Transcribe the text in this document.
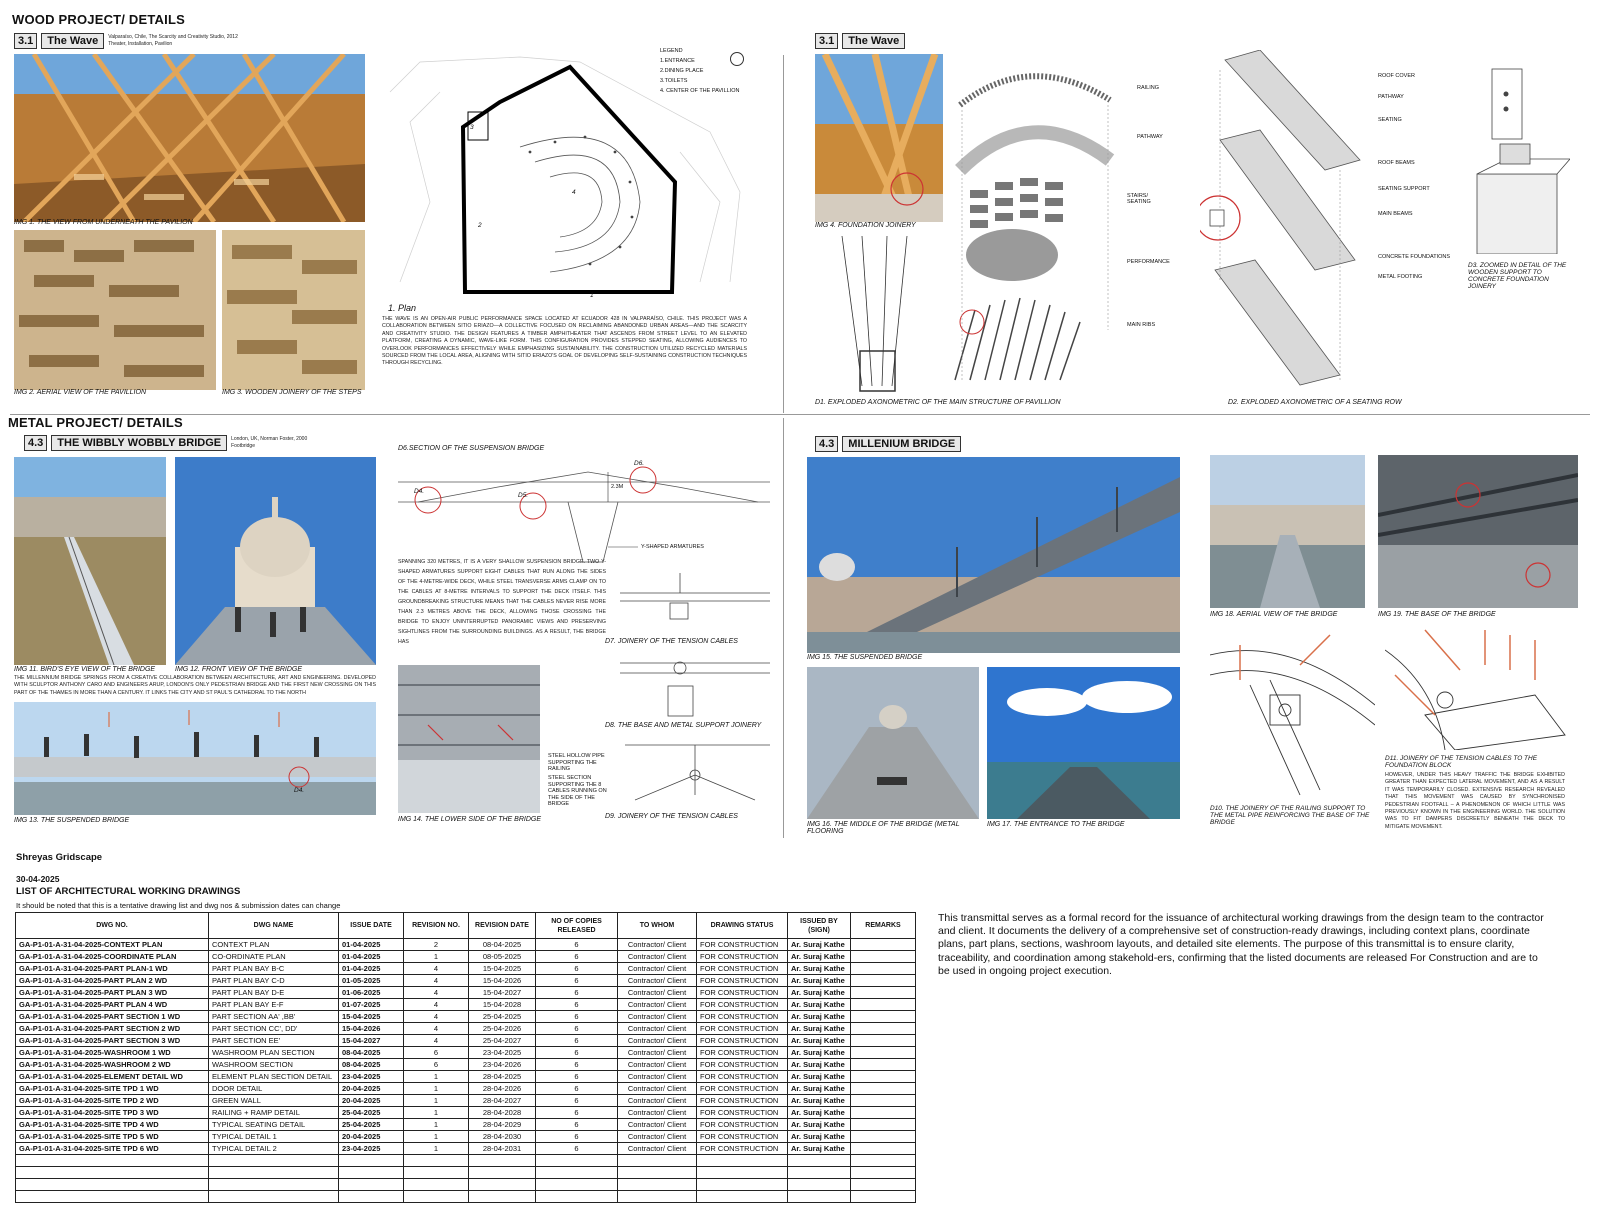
WOOD PROJECT/ DETAILS
3.1	The Wave	Valparaíso, Chile, The Scarcity and Creativity Studio, 2012
Theater, Installation, Pavilion
IMG 1. THE VIEW FROM UNDERNEATH THE PAVILION
IMG 2. AERIAL VIEW OF THE PAVILLION	IMG 3. WOODEN JOINERY OF THE STEPS
3
4
2
1
LEGEND
1.ENTRANCE
2.DINING PLACE
3.TOILETS
4. CENTER OF THE PAVILLION
1. Plan
THE WAVE IS AN OPEN-AIR PUBLIC PERFORMANCE SPACE LOCATED AT ECUADOR 428 IN VALPARAÍSO, CHILE. THIS PROJECT WAS A COLLABORATION BETWEEN SITIO ERIAZO—A COLLECTIVE FOCUSED ON RECLAIMING ABANDONED URBAN AREAS—AND THE SCARCITY AND CREATIVITY STUDIO. THE DESIGN FEATURES A TIMBER AMPHITHEATER THAT ASCENDS FROM STREET LEVEL TO AN ELEVATED PLATFORM, CREATING A DYNAMIC, WAVE-LIKE FORM. THIS CONFIGURATION PROVIDES STEPPED SEATING, ALLOWING AUDIENCES TO OVERLOOK PERFORMANCES EFFECTIVELY WHILE EMPHASIZING SUSTAINABILITY. THE CONSTRUCTION UTILIZED RECYCLED MATERIALS SOURCED FROM THE LOCAL AREA, ALIGNING WITH SITIO ERIAZO'S GOAL OF DEVELOPING SELF-SUSTAINING CONSTRUCTION TECHNIQUES THROUGH RECYCLING.
3.1	The Wave
IMG 4. FOUNDATION JOINERY
RAILING
PATHWAY
STAIRS/ SEATING
PERFORMANCE
MAIN RIBS
D1. EXPLODED AXONOMETRIC OF THE MAIN STRUCTURE OF PAVILLION
ROOF COVER
PATHWAY
SEATING
ROOF BEAMS
SEATING SUPPORT
MAIN BEAMS
CONCRETE FOUNDATIONS
METAL FOOTING
D2. EXPLODED AXONOMETRIC OF A SEATING ROW
D3. ZOOMED IN DETAIL OF THE WOODEN SUPPORT TO CONCRETE FOUNDATION JOINERY
METAL PROJECT/ DETAILS
4.3	THE WIBBLY WOBBLY BRIDGE	London, UK, Norman Foster, 2000
Footbridge
IMG 11. BIRD'S EYE VIEW OF THE BRIDGE	IMG 12. FRONT VIEW OF THE BRIDGE
THE MILLENNIUM BRIDGE SPRINGS FROM A CREATIVE COLLABORATION BETWEEN ARCHITECTURE, ART AND ENGINEERING. DEVELOPED WITH SCULPTOR ANTHONY CARO AND ENGINEERS ARUP, LONDON'S ONLY PEDESTRIAN BRIDGE AND THE FIRST NEW CROSSING ON THIS PART OF THE THAMES IN MORE THAN A CENTURY. IT LINKS THE CITY AND ST PAUL'S CATHEDRAL TO THE NORTH
D4.
IMG 13. THE SUSPENDED BRIDGE
D6.SECTION OF THE SUSPENSION BRIDGE
D4.
D5.
D6.
2.3M
Y-SHAPED ARMATURES
SPANNING 320 METRES, IT IS A VERY SHALLOW SUSPENSION BRIDGE. TWO Y-SHAPED ARMATURES SUPPORT EIGHT CABLES THAT RUN ALONG THE SIDES OF THE 4-METRE-WIDE DECK, WHILE STEEL TRANSVERSE ARMS CLAMP ON TO THE CABLES AT 8-METRE INTERVALS TO SUPPORT THE DECK ITSELF. THIS GROUNDBREAKING STRUCTURE MEANS THAT THE CABLES NEVER RISE MORE THAN 2.3 METRES ABOVE THE DECK, ALLOWING THOSE CROSSING THE BRIDGE TO ENJOY UNINTERRUPTED PANORAMIC VIEWS AND PRESERVING SIGHTLINES FROM THE SURROUNDING BUILDINGS. AS A RESULT, THE BRIDGE HAS	D7. JOINERY OF THE TENSION CABLES
D8. THE BASE AND METAL SUPPORT JOINERY
D9. JOINERY OF THE TENSION CABLES
STEEL HOLLOW PIPE SUPPORTING THE RAILING
STEEL SECTION SUPPORTING THE 8 CABLES RUNNING ON THE SIDE OF THE BRIDGE
IMG 14. THE LOWER SIDE OF THE BRIDGE
4.3	MILLENIUM BRIDGE
IMG 15. THE SUSPENDED BRIDGE
IMG 16. THE MIDDLE OF THE BRIDGE (METAL FLOORING
IMG 17. THE ENTRANCE TO THE BRIDGE
IMG 18. AERIAL VIEW OF THE BRIDGE	IMG 19. THE BASE OF THE BRIDGE
D10. THE JOINERY OF THE RAILING SUPPORT TO THE METAL PIPE REINFORCING THE BASE OF THE BRIDGE
D11. JOINERY OF THE TENSION CABLES TO THE FOUNDATION BLOCK
HOWEVER, UNDER THIS HEAVY TRAFFIC THE BRIDGE EXHIBITED GREATER THAN EXPECTED LATERAL MOVEMENT, AND AS A RESULT IT WAS TEMPORARILY CLOSED. EXTENSIVE RESEARCH REVEALED THAT THIS MOVEMENT WAS CAUSED BY SYNCHRONISED PEDESTRIAN FOOTFALL – A PHENOMENON OF WHICH LITTLE WAS PREVIOUSLY KNOWN IN THE ENGINEERING WORLD. THE SOLUTION WAS TO FIT DAMPERS DISCREETLY BENEATH THE DECK TO MITIGATE MOVEMENT.
Shreyas Gridscape
30-04-2025
LIST OF ARCHITECTURAL WORKING DRAWINGS
It should be noted that this is a tentative drawing list and dwg nos & submission dates can change
DWG NO.	DWG NAME	ISSUE DATE	REVISION NO.	REVISION DATE	NO OF COPIES RELEASED	TO WHOM	DRAWING STATUS	ISSUED BY (SIGN)	REMARKS
GA-P1-01-A-31-04-2025-CONTEXT PLAN	CONTEXT PLAN	01-04-2025	2	08-04-2025	6	Contractor/ Client	FOR CONSTRUCTION	Ar. Suraj Kathe	
GA-P1-01-A-31-04-2025-COORDINATE PLAN	CO-ORDINATE PLAN	01-04-2025	1	08-05-2025	6	Contractor/ Client	FOR CONSTRUCTION	Ar. Suraj Kathe	
GA-P1-01-A-31-04-2025-PART PLAN-1 WD	PART PLAN BAY B-C	01-04-2025	4	15-04-2025	6	Contractor/ Client	FOR CONSTRUCTION	Ar. Suraj Kathe	
GA-P1-01-A-31-04-2025-PART PLAN 2 WD	PART PLAN BAY C-D	01-05-2025	4	15-04-2026	6	Contractor/ Client	FOR CONSTRUCTION	Ar. Suraj Kathe	
GA-P1-01-A-31-04-2025-PART PLAN 3 WD	PART PLAN BAY D-E	01-06-2025	4	15-04-2027	6	Contractor/ Client	FOR CONSTRUCTION	Ar. Suraj Kathe	
GA-P1-01-A-31-04-2025-PART PLAN 4 WD	PART PLAN BAY E-F	01-07-2025	4	15-04-2028	6	Contractor/ Client	FOR CONSTRUCTION	Ar. Suraj Kathe	
GA-P1-01-A-31-04-2025-PART SECTION 1 WD	PART SECTION AA' ,BB'	15-04-2025	4	25-04-2025	6	Contractor/ Client	FOR CONSTRUCTION	Ar. Suraj Kathe	
GA-P1-01-A-31-04-2025-PART SECTION 2 WD	PART SECTION CC', DD'	15-04-2026	4	25-04-2026	6	Contractor/ Client	FOR CONSTRUCTION	Ar. Suraj Kathe	
GA-P1-01-A-31-04-2025-PART SECTION 3 WD	PART SECTION EE'	15-04-2027	4	25-04-2027	6	Contractor/ Client	FOR CONSTRUCTION	Ar. Suraj Kathe	
GA-P1-01-A-31-04-2025-WASHROOM 1 WD	WASHROOM PLAN SECTION	08-04-2025	6	23-04-2025	6	Contractor/ Client	FOR CONSTRUCTION	Ar. Suraj Kathe	
GA-P1-01-A-31-04-2025-WASHROOM 2 WD	WASHROOM SECTION	08-04-2025	6	23-04-2026	6	Contractor/ Client	FOR CONSTRUCTION	Ar. Suraj Kathe	
GA-P1-01-A-31-04-2025-ELEMENT DETAIL WD	ELEMENT PLAN SECTION DETAIL	23-04-2025	1	28-04-2025	6	Contractor/ Client	FOR CONSTRUCTION	Ar. Suraj Kathe	
GA-P1-01-A-31-04-2025-SITE TPD 1 WD	DOOR DETAIL	20-04-2025	1	28-04-2026	6	Contractor/ Client	FOR CONSTRUCTION	Ar. Suraj Kathe	
GA-P1-01-A-31-04-2025-SITE TPD 2 WD	GREEN WALL	20-04-2025	1	28-04-2027	6	Contractor/ Client	FOR CONSTRUCTION	Ar. Suraj Kathe	
GA-P1-01-A-31-04-2025-SITE TPD 3 WD	RAILING + RAMP DETAIL	25-04-2025	1	28-04-2028	6	Contractor/ Client	FOR CONSTRUCTION	Ar. Suraj Kathe	
GA-P1-01-A-31-04-2025-SITE TPD 4 WD	TYPICAL SEATING DETAIL	25-04-2025	1	28-04-2029	6	Contractor/ Client	FOR CONSTRUCTION	Ar. Suraj Kathe	
GA-P1-01-A-31-04-2025-SITE TPD 5 WD	TYPICAL DETAIL 1	20-04-2025	1	28-04-2030	6	Contractor/ Client	FOR CONSTRUCTION	Ar. Suraj Kathe	
GA-P1-01-A-31-04-2025-SITE TPD 6 WD	TYPICAL DETAIL 2	23-04-2025	1	28-04-2031	6	Contractor/ Client	FOR CONSTRUCTION	Ar. Suraj Kathe	

This transmittal serves as a formal record for the issuance of architectural working drawings from the design team to the contractor and client. It documents the delivery of a comprehensive set of construction-ready drawings, including context plans, coordinate plans, part plans, sections, washroom layouts, and detailed site elements. The purpose of this transmittal is to ensure clarity, traceability, and coordination among stakehold-ers, confirming that the listed documents are released For Construction and are to be used in ongoing project execution.
